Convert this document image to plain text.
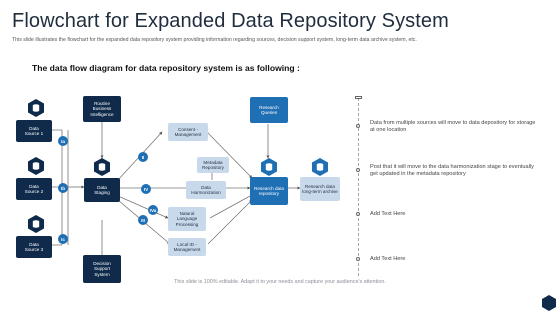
Flowchart for Expanded Data Repository System
This slide illustrates the flowchart for the expanded data repository system providing information regarding sources, decision support system, long-term data archive system, etc.
The data flow diagram for data repository system is as following :
Data Source 1
Data Source 2
Data Source 3
Ia
Ib
Ic
Routine Business Intelligence
Data Staging
Decision Support System
II
IV
IVa
III
Consent - Management
Metadata Repository
Data Harmonization
Natural Language Processing
Local ID - Management
Research Queries
Research data repository
Research data long-term archive
Data from multiple sources will move to data depository for storage at one location
Post that it will move to the data harmonization stage to eventually get updated in the metadata repository
Add Text Here
Add Text Here
This slide is 100% editable. Adapt it to your needs and capture your audience's attention.
